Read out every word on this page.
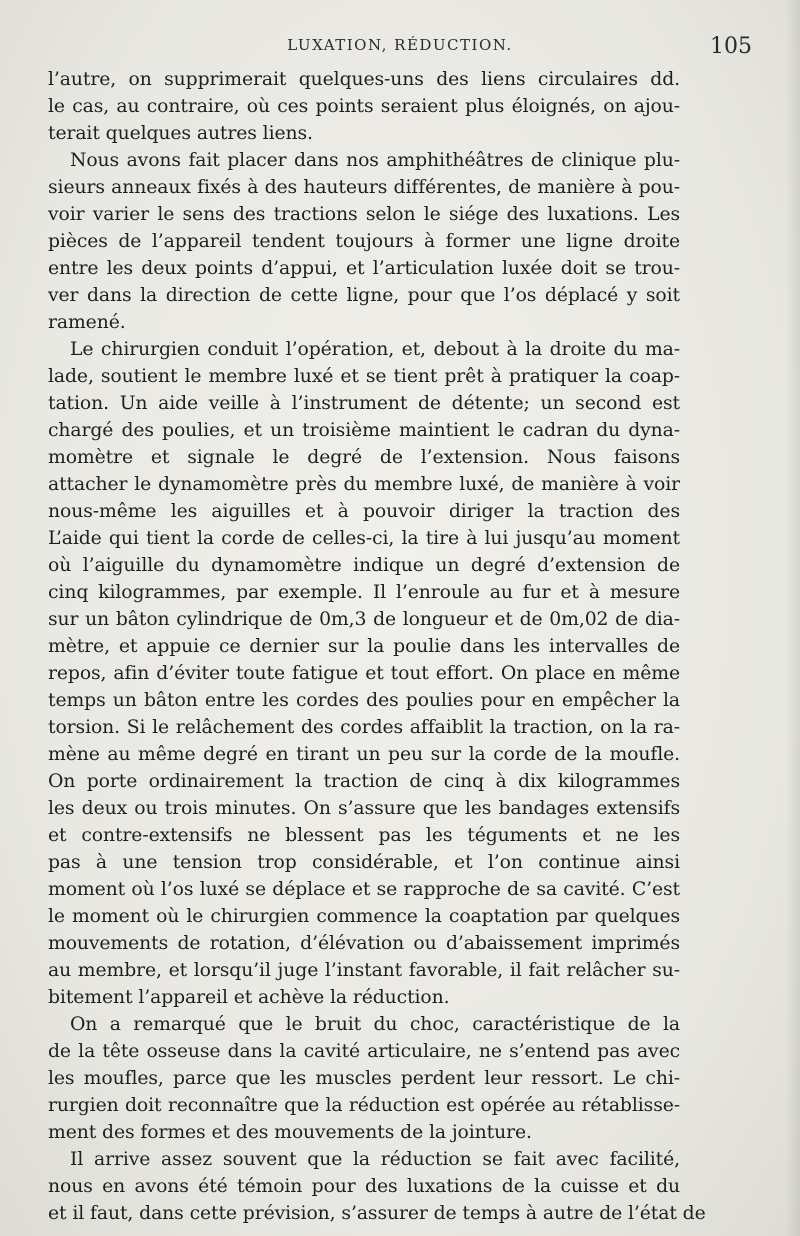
LUXATION, RÉDUCTION.	105
l’autre, on supprimerait quelques-uns des liens circulaires dd.
le cas, au contraire, où ces points seraient plus éloignés, on ajou-
terait quelques autres liens.
Nous avons fait placer dans nos amphithéâtres de clinique plu-
sieurs anneaux fixés à des hauteurs différentes, de manière à pou-
voir varier le sens des tractions selon le siége des luxations. Les
pièces de l’appareil tendent toujours à former une ligne droite
entre les deux points d’appui, et l’articulation luxée doit se trou-
ver dans la direction de cette ligne, pour que l’os déplacé y soit
ramené.
Le chirurgien conduit l’opération, et, debout à la droite du ma-
lade, soutient le membre luxé et se tient prêt à pratiquer la coap-
tation. Un aide veille à l’instrument de détente; un second est
chargé des poulies, et un troisième maintient le cadran du dyna-
momètre et signale le degré de l’extension. Nous faisons
attacher le dynamomètre près du membre luxé, de manière à voir
nous-même les aiguilles et à pouvoir diriger la traction des
L’aide qui tient la corde de celles-ci, la tire à lui jusqu’au moment
où l’aiguille du dynamomètre indique un degré d’extension de
cinq kilogrammes, par exemple. Il l’enroule au fur et à mesure
sur un bâton cylindrique de 0m,3 de longueur et de 0m,02 de dia-
mètre, et appuie ce dernier sur la poulie dans les intervalles de
repos, afin d’éviter toute fatigue et tout effort. On place en même
temps un bâton entre les cordes des poulies pour en empêcher la
torsion. Si le relâchement des cordes affaiblit la traction, on la ra-
mène au même degré en tirant un peu sur la corde de la moufle.
On porte ordinairement la traction de cinq à dix kilogrammes
les deux ou trois minutes. On s’assure que les bandages extensifs
et contre-extensifs ne blessent pas les téguments et ne les
pas à une tension trop considérable, et l’on continue ainsi
moment où l’os luxé se déplace et se rapproche de sa cavité. C’est
le moment où le chirurgien commence la coaptation par quelques
mouvements de rotation, d’élévation ou d’abaissement imprimés
au membre, et lorsqu’il juge l’instant favorable, il fait relâcher su-
bitement l’appareil et achève la réduction.
On a remarqué que le bruit du choc, caractéristique de la
de la tête osseuse dans la cavité articulaire, ne s’entend pas avec
les moufles, parce que les muscles perdent leur ressort. Le chi-
rurgien doit reconnaître que la réduction est opérée au rétablisse-
ment des formes et des mouvements de la jointure.
Il arrive assez souvent que la réduction se fait avec facilité,
nous en avons été témoin pour des luxations de la cuisse et du
et il faut, dans cette prévision, s’assurer de temps à autre de l’état de
